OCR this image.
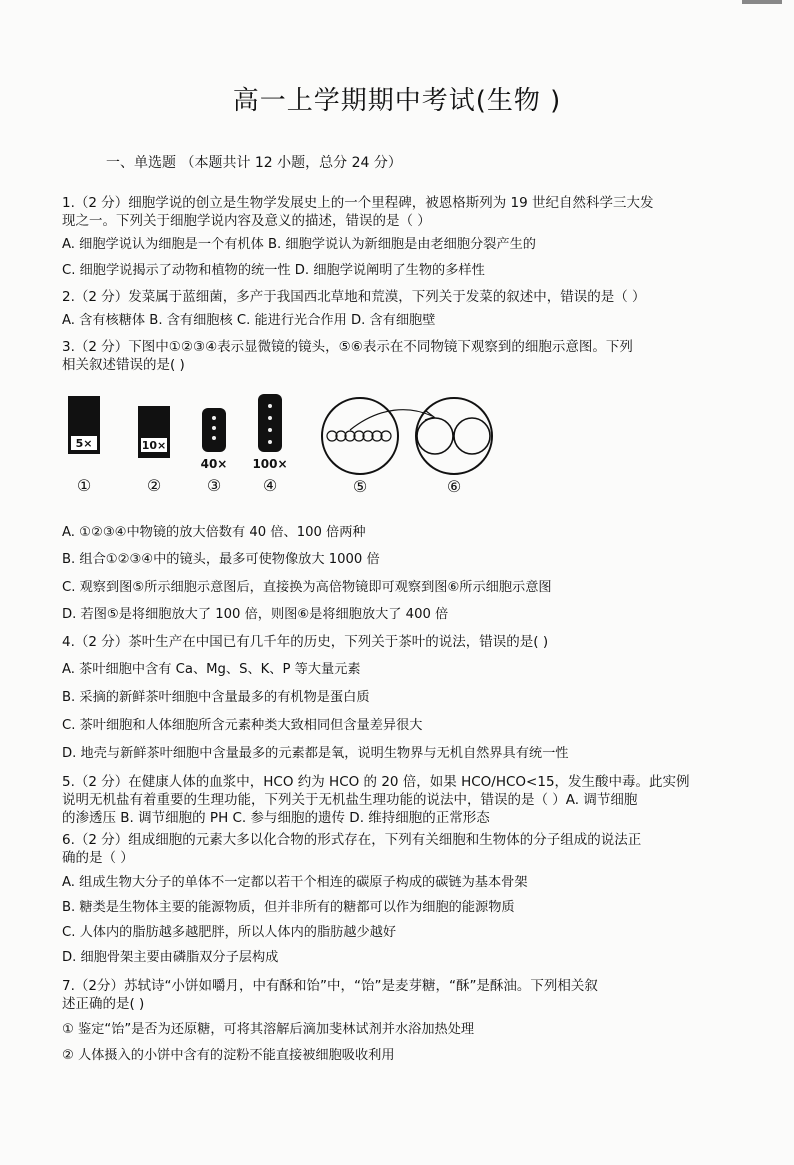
高一上学期期中考试(生物 )
一、单选题 （本题共计 12 小题，总分 24 分）
1.（2 分）细胞学说的创立是生物学发展史上的一个里程碑，被恩格斯列为 19 世纪自然科学三大发
现之一。下列关于细胞学说内容及意义的描述，错误的是（ ）
A. 细胞学说认为细胞是一个有机体 B. 细胞学说认为新细胞是由老细胞分裂产生的
C. 细胞学说揭示了动物和植物的统一性 D. 细胞学说阐明了生物的多样性
2.（2 分）发菜属于蓝细菌，多产于我国西北草地和荒漠，下列关于发菜的叙述中，错误的是（ ）
A. 含有核糖体 B. 含有细胞核 C. 能进行光合作用 D. 含有细胞壁
3.（2 分）下图中①②③④表示显微镜的镜头，⑤⑥表示在不同物镜下观察到的细胞示意图。下列
相关叙述错误的是( )
5×
①
10×
②
40×
③
100×
④	⑤	⑥
A. ①②③④中物镜的放大倍数有 40 倍、100 倍两种
B. 组合①②③④中的镜头，最多可使物像放大 1000 倍
C. 观察到图⑤所示细胞示意图后，直接换为高倍物镜即可观察到图⑥所示细胞示意图
D. 若图⑤是将细胞放大了 100 倍，则图⑥是将细胞放大了 400 倍
4.（2 分）茶叶生产在中国已有几千年的历史，下列关于茶叶的说法，错误的是( )
A. 茶叶细胞中含有 Ca、Mg、S、K、P 等大量元素
B. 采摘的新鲜茶叶细胞中含量最多的有机物是蛋白质
C. 茶叶细胞和人体细胞所含元素种类大致相同但含量差异很大
D. 地壳与新鲜茶叶细胞中含量最多的元素都是氧，说明生物界与无机自然界具有统一性
5.（2 分）在健康人体的血浆中，HCO 约为 HCO 的 20 倍，如果 HCO/HCO<15，发生酸中毒。此实例
说明无机盐有着重要的生理功能，下列关于无机盐生理功能的说法中，错误的是（ ）A. 调节细胞
的渗透压 B. 调节细胞的 PH C. 参与细胞的遗传 D. 维持细胞的正常形态
6.（2 分）组成细胞的元素大多以化合物的形式存在，下列有关细胞和生物体的分子组成的说法正
确的是（ ）
A. 组成生物大分子的单体不一定都以若干个相连的碳原子构成的碳链为基本骨架
B. 糖类是生物体主要的能源物质，但并非所有的糖都可以作为细胞的能源物质
C. 人体内的脂肪越多越肥胖，所以人体内的脂肪越少越好
D. 细胞骨架主要由磷脂双分子层构成
7.（2分）苏轼诗“小饼如嚼月，中有酥和饴”中，“饴”是麦芽糖，“酥”是酥油。下列相关叙
述正确的是( )
① 鉴定“饴”是否为还原糖，可将其溶解后滴加斐林试剂并水浴加热处理
② 人体摄入的小饼中含有的淀粉不能直接被细胞吸收利用
